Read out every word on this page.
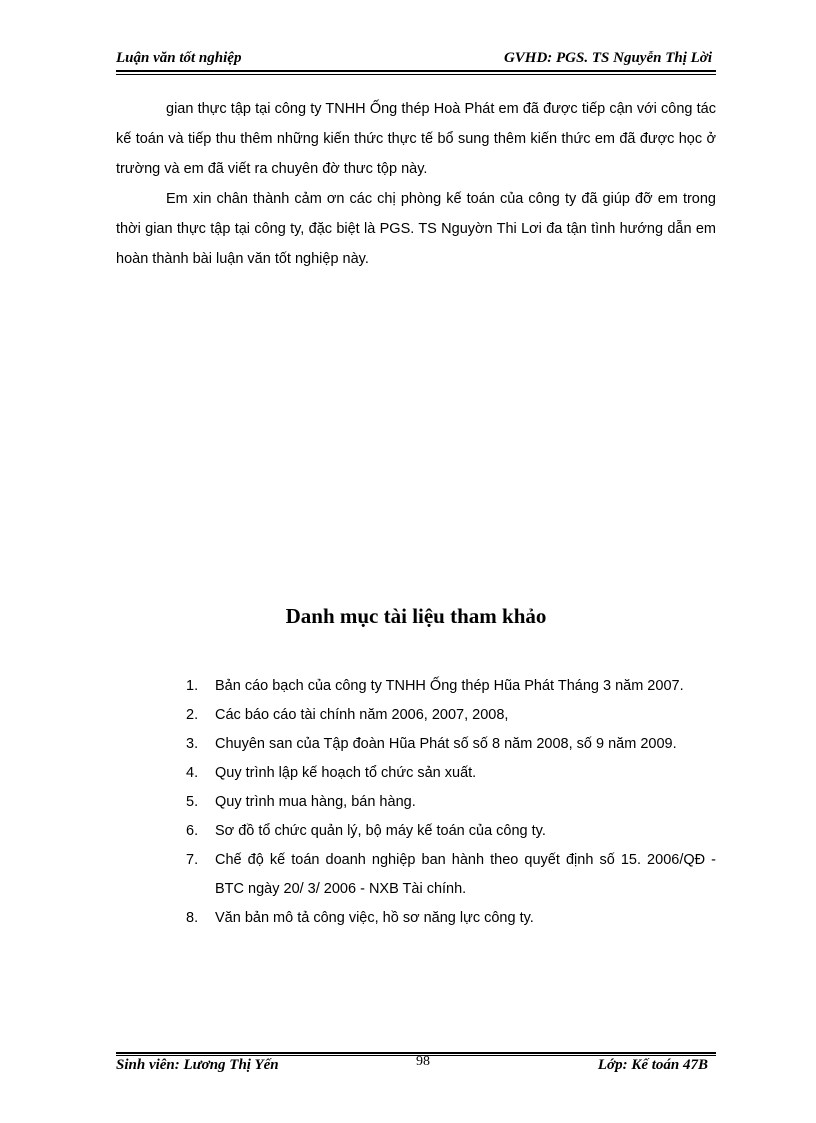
Luận văn tốt nghiệp	GVHD: PGS. TS Nguyễn Thị Lời

gian thực tập tại công ty TNHH Ống thép Hoà Phát em đã được tiếp cận với công tác kế toán và tiếp thu thêm những kiến thức thực tế bổ sung thêm kiến thức em đã được học ở trường và em đã viết ra chuyên đờ thưc tộp này.

Em xin chân thành cảm ơn các chị phòng kế toán của công ty đã giúp đỡ em trong thời gian thực tập tại công ty, đặc biệt là PGS. TS Nguyờn Thi Lơi đa tận tình hướng dẫn em hoàn thành bài luận văn tốt nghiệp này.

Danh mục tài liệu tham khảo
1. Bản cáo bạch của công ty TNHH Ống thép Hũa Phát Tháng 3 năm 2007.
2. Các báo cáo tài chính năm 2006, 2007, 2008,
3. Chuyên san của Tập đoàn Hũa Phát số số 8 năm 2008, số 9 năm 2009.
4. Quy trình lập kế hoạch tổ chức sản xuất.
5. Quy trình mua hàng, bán hàng.
6. Sơ đồ tổ chức quản lý, bộ máy kế toán của công ty.
7. Chế độ kế toán doanh nghiệp ban hành theo quyết định số 15. 2006/QĐ - BTC ngày 20/ 3/ 2006 - NXB Tài chính.
8. Văn bản mô tả công việc, hồ sơ năng lực công ty.
Sinh viên: Lương Thị Yến	98	Lớp: Kế toán 47B
